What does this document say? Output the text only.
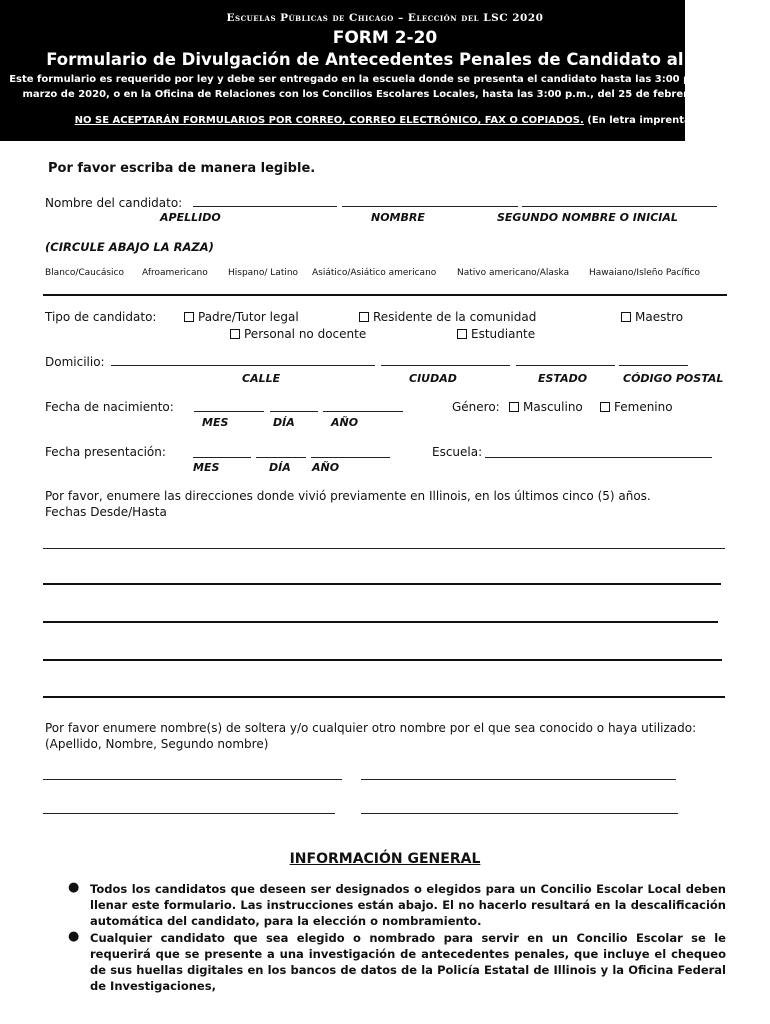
Escuelas Públicas de Chicago – Elección del LSC 2020
FORM 2-20
Formulario de Divulgación de Antecedentes Penales de Candidato al LSC
Este formulario es requerido por ley y debe ser entregado en la escuela donde se presenta el candidato hasta las 3:00 p.m., del 5 de marzo de 2020, o en la Oficina de Relaciones con los Concilios Escolares Locales, hasta las 3:00 p.m., del 25 de febrero de 2020.
NO SE ACEPTARÁN FORMULARIOS POR CORREO, CORREO ELECTRÓNICO, FAX O COPIADOS. (En letra imprenta)
Por favor escriba de manera legible.
Nombre del candidato:
APELLIDO	NOMBRE	SEGUNDO NOMBRE O INICIAL
(CIRCULE ABAJO LA RAZA)
Blanco/Caucásico Afroamericano Hispano/ Latino Asiático/Asiático americano Nativo americano/Alaska Hawaiano/Isleño Pacífico
Tipo de candidato:	Padre/Tutor legal	Residente de la comunidad	Maestro
Personal no docente	Estudiante
Domicilio:
CALLE	CIUDAD	ESTADO	CÓDIGO POSTAL
Fecha de nacimiento:
MES	DÍA	AÑO
Género:	Masculino	Femenino
Fecha presentación:
MES	DÍA AÑO
Escuela:
Por favor, enumere las direcciones donde vivió previamente en Illinois, en los últimos cinco (5) años.
Fechas Desde/Hasta
Por favor enumere nombre(s) de soltera y/o cualquier otro nombre por el que sea conocido o haya utilizado:
(Apellido, Nombre, Segundo nombre)
INFORMACIÓN GENERAL
● Todos los candidatos que deseen ser designados o elegidos para un Concilio Escolar Local deben llenar este formulario. Las instrucciones están abajo. El no hacerlo resultará en la descalificación automática del candidato, para la elección o nombramiento.
● Cualquier candidato que sea elegido o nombrado para servir en un Concilio Escolar se le requerirá que se presente a una investigación de antecedentes penales, que incluye el chequeo de sus huellas digitales en los bancos de datos de la Policía Estatal de Illinois y la Oficina Federal de Investigaciones,
